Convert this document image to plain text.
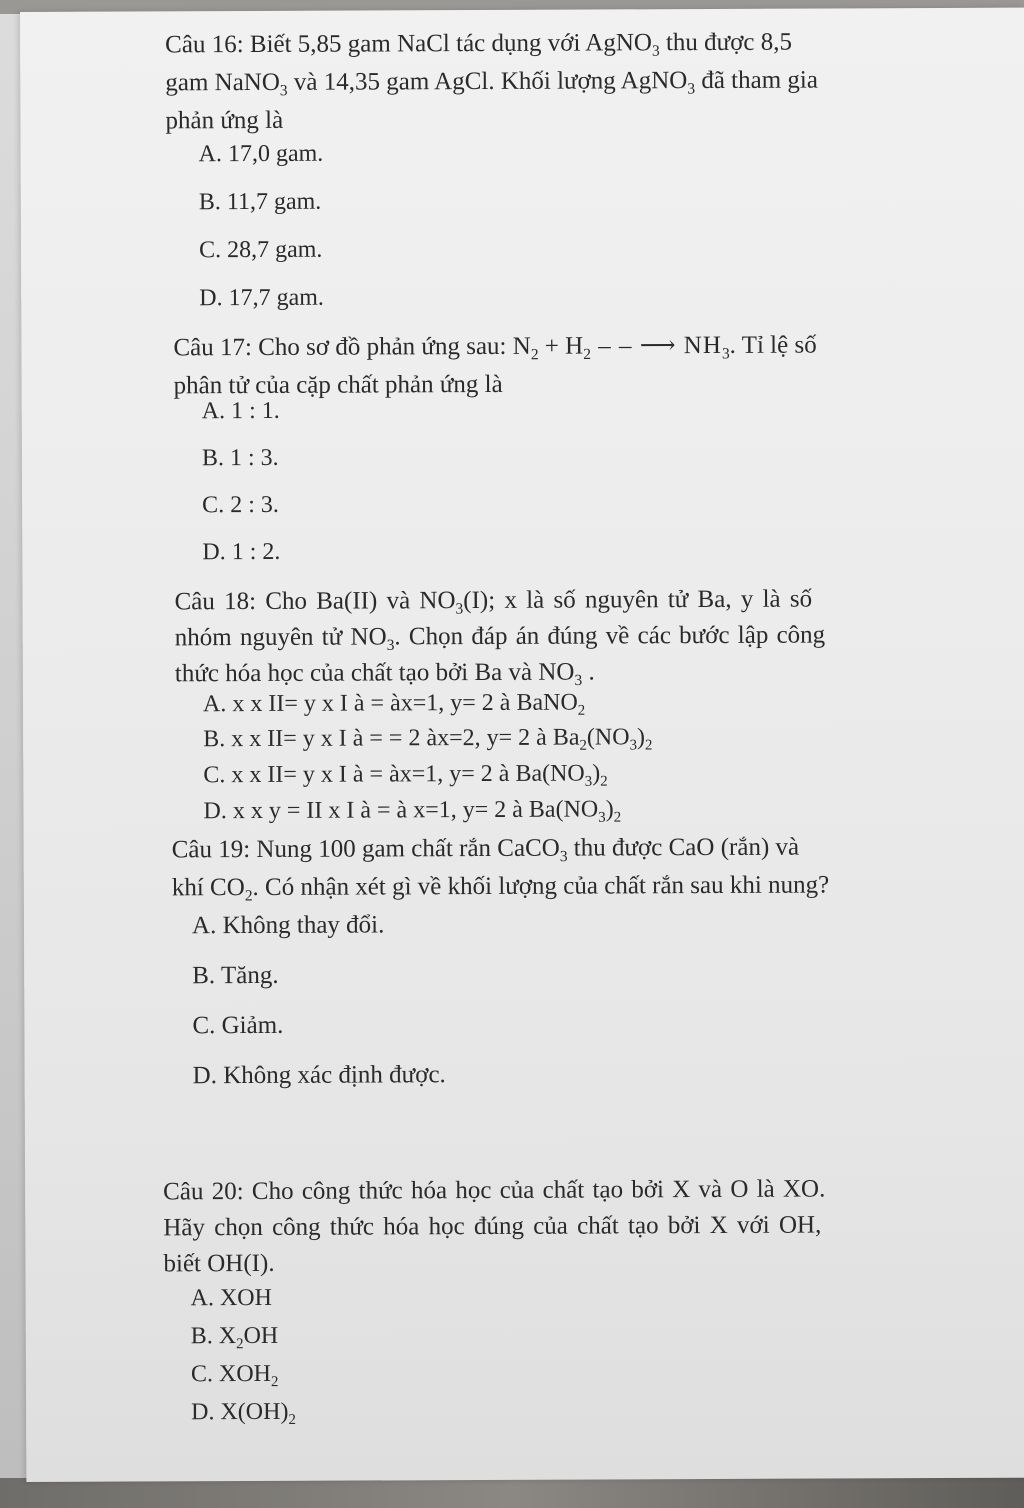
Câu 16: Biết 5,85 gam NaCl tác dụng với AgNO$_3$ thu được 8,5
gam NaNO$_3$ và 14,35 gam AgCl. Khối lượng AgNO$_3$ đã tham gia
phản ứng là
A. 17,0 gam.
B. 11,7 gam.
C. 28,7 gam.
D. 17,7 gam.
Câu 17: Cho sơ đồ phản ứng sau: $N_2 + H_2$ – – ⟶ $NH_3$. Tỉ lệ số
phân tử của cặp chất phản ứng là
A. 1 : 1.
B. 1 : 3.
C. 2 : 3.
D. 1 : 2.
Câu 18: Cho Ba(II) và $NO_3(I)$; x là số nguyên tử Ba, y là số
nhóm nguyên tử $NO_3$. Chọn đáp án đúng về các bước lập công
thức hóa học của chất tạo bởi Ba và $NO_3$ .
A. x x II= y x I à = àx=1, y= 2 à BaNO$_2$
B. x x II= y x I à = = 2 àx=2, y= 2 à $Ba_2(NO_3)_2$
C. x x II= y x I à = àx=1, y= 2 à $Ba(NO_3)_2$
D. x x y = II x I à = à x=1, y= 2 à $Ba(NO_3)_2$
Câu 19: Nung 100 gam chất rắn CaCO$_3$ thu được CaO (rắn) và
khí $CO_2$. Có nhận xét gì về khối lượng của chất rắn sau khi nung?
A. Không thay đổi.
B. Tăng.
C. Giảm.
D. Không xác định được.
Câu 20: Cho công thức hóa học của chất tạo bởi X và O là XO.
Hãy chọn công thức hóa học đúng của chất tạo bởi X với OH,
biết OH(I).
A. XOH
B. $X_2OH$
C. $XOH_2$
D. $X(OH)_2$
